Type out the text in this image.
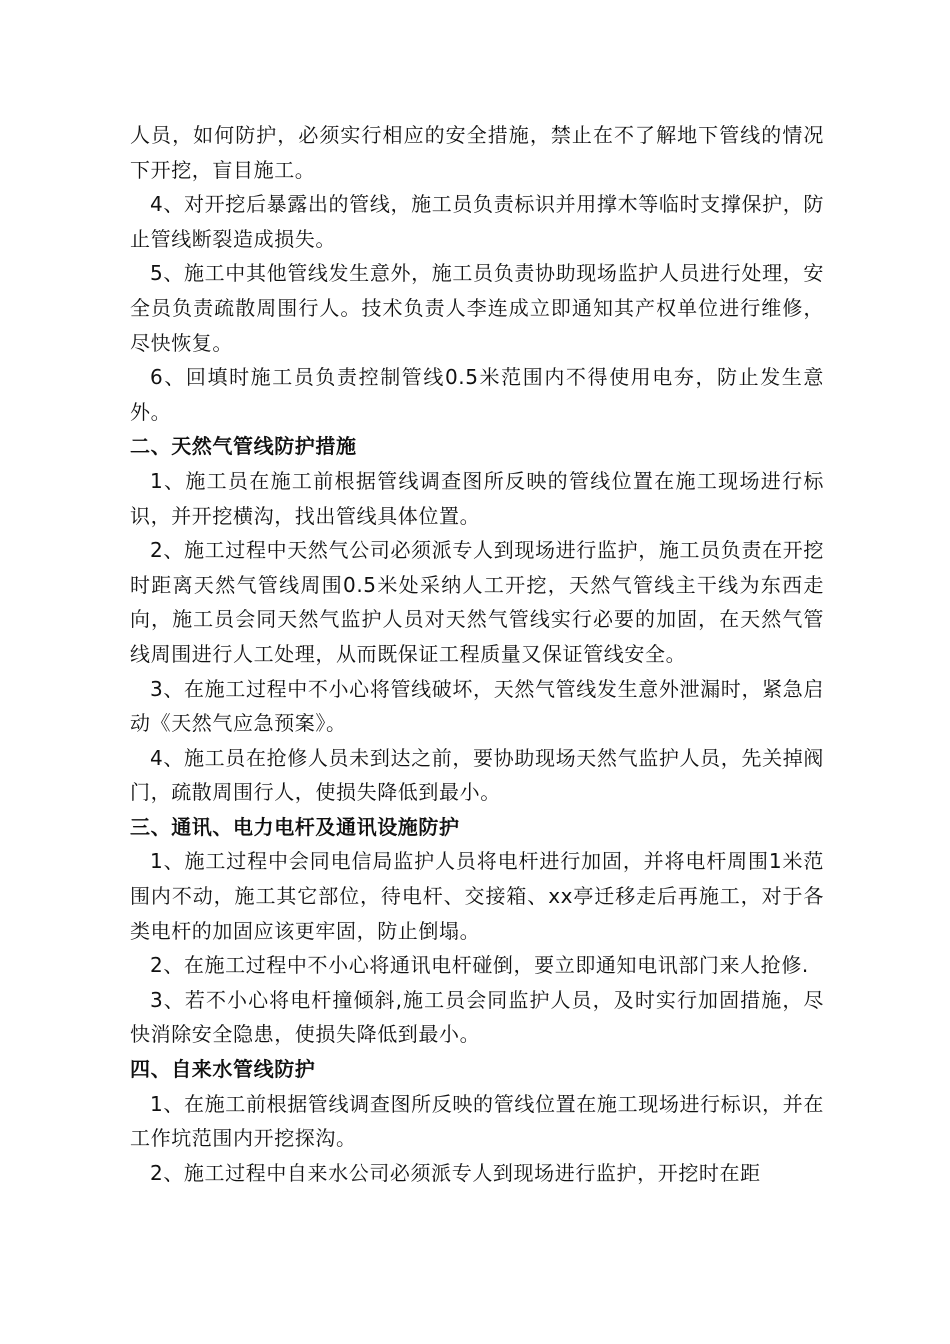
人员，如何防护，必须实行相应的安全措施，禁止在不了解地下管线的情况下开挖，盲目施工。

4、对开挖后暴露出的管线，施工员负责标识并用撑木等临时支撑保护，防止管线断裂造成损失。

5、施工中其他管线发生意外，施工员负责协助现场监护人员进行处理，安全员负责疏散周围行人。技术负责人李连成立即通知其产权单位进行维修，尽快恢复。

6、回填时施工员负责控制管线0.5米范围内不得使用电夯，防止发生意外。

二、天然气管线防护措施

1、施工员在施工前根据管线调查图所反映的管线位置在施工现场进行标识，并开挖横沟，找出管线具体位置。

2、施工过程中天然气公司必须派专人到现场进行监护，施工员负责在开挖时距离天然气管线周围0.5米处采纳人工开挖，天然气管线主干线为东西走向，施工员会同天然气监护人员对天然气管线实行必要的加固，在天然气管线周围进行人工处理，从而既保证工程质量又保证管线安全。

3、在施工过程中不小心将管线破坏，天然气管线发生意外泄漏时，紧急启动《天然气应急预案》。

4、施工员在抢修人员未到达之前，要协助现场天然气监护人员，先关掉阀门，疏散周围行人，使损失降低到最小。

三、通讯、电力电杆及通讯设施防护

1、施工过程中会同电信局监护人员将电杆进行加固，并将电杆周围1米范围内不动，施工其它部位，待电杆、交接箱、xx亭迁移走后再施工，对于各类电杆的加固应该更牢固，防止倒塌。

2、在施工过程中不小心将通讯电杆碰倒，要立即通知电讯部门来人抢修.

3、若不小心将电杆撞倾斜,施工员会同监护人员，及时实行加固措施，尽快消除安全隐患，使损失降低到最小。

四、自来水管线防护

1、在施工前根据管线调查图所反映的管线位置在施工现场进行标识，并在工作坑范围内开挖探沟。

2、施工过程中自来水公司必须派专人到现场进行监护，开挖时在距
